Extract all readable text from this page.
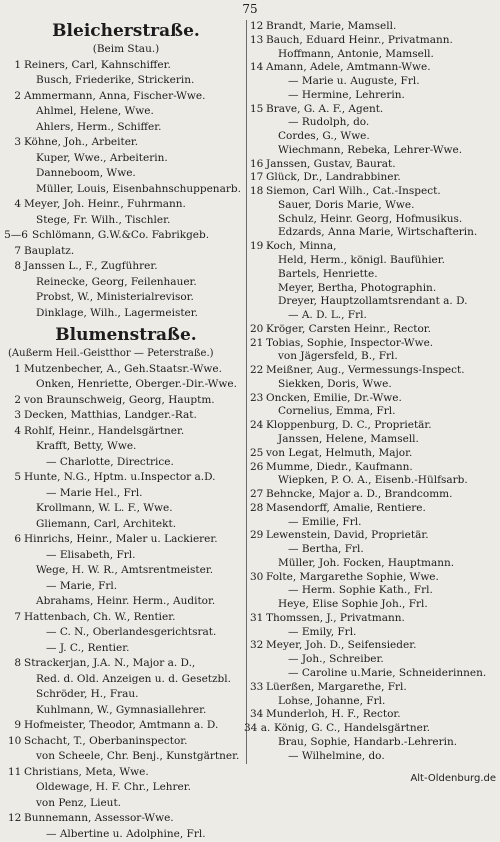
75
Bleicherstraße.
(Beim Stau.)
1 Reiners, Carl, Kahnschiffer.
Busch, Friederike, Strickerin.
2 Ammermann, Anna, Fischer-Wwe.
Ahlmel, Helene, Wwe.
Ahlers, Herm., Schiffer.
3 Köhne, Joh., Arbeiter.
Kuper, Wwe., Arbeiterin.
Danneboom, Wwe.
Müller, Louis, Eisenbahnschuppenarb.
4 Meyer, Joh. Heinr., Fuhrmann.
Stege, Fr. Wilh., Tischler.
5—6 Schlömann, G.W.&Co. Fabrikgeb.
7 Bauplatz.
8 Janssen L., F., Zugführer.
Reinecke, Georg, Feilenhauer.
Probst, W., Ministerialrevisor.
Dinklage, Wilh., Lagermeister.
Blumenstraße.
(Außerm Heil.-Geistthor — Peterstraße.)
1 Mutzenbecher, A., Geh.Staatsr.-Wwe.
Onken, Henriette, Oberger.-Dir.-Wwe.
2 von Braunschweig, Georg, Hauptm.
3 Decken, Matthias, Landger.-Rat.
4 Rohlf, Heinr., Handelsgärtner.
Krafft, Betty, Wwe.
— Charlotte, Directrice.
5 Hunte, N.G., Hptm. u.Inspector a.D.
— Marie Hel., Frl.
Krollmann, W. L. F., Wwe.
Gliemann, Carl, Architekt.
6 Hinrichs, Heinr., Maler u. Lackierer.
— Elisabeth, Frl.
Wege, H. W. R., Amtsrentmeister.
— Marie, Frl.
Abrahams, Heinr. Herm., Auditor.
7 Hattenbach, Ch. W., Rentier.
— C. N., Oberlandesgerichtsrat.
— J. C., Rentier.
8 Strackerjan, J.A. N., Major a. D.,
Red. d. Old. Anzeigen u. d. Gesetzbl.
Schröder, H., Frau.
Kuhlmann, W., Gymnasiallehrer.
9 Hofmeister, Theodor, Amtmann a. D.
10 Schacht, T., Oberbaninspector.
von Scheele, Chr. Benj., Kunstgärtner.
11 Christians, Meta, Wwe.
Oldewage, H. F. Chr., Lehrer.
von Penz, Lieut.
12 Bunnemann, Assessor-Wwe.
— Albertine u. Adolphine, Frl.
12 Brandt, Marie, Mamsell.
13 Bauch, Eduard Heinr., Privatmann.
Hoffmann, Antonie, Mamsell.
14 Amann, Adele, Amtmann-Wwe.
— Marie u. Auguste, Frl.
— Hermine, Lehrerin.
15 Brave, G. A. F., Agent.
— Rudolph, do.
Cordes, G., Wwe.
Wiechmann, Rebeka, Lehrer-Wwe.
16 Janssen, Gustav, Baurat.
17 Glück, Dr., Landrabbiner.
18 Siemon, Carl Wilh., Cat.-Inspect.
Sauer, Doris Marie, Wwe.
Schulz, Heinr. Georg, Hofmusikus.
Edzards, Anna Marie, Wirtschafterin.
19 Koch, Minna,
Held, Herm., königl. Baufühier.
Bartels, Henriette.
Meyer, Bertha, Photographin.
Dreyer, Hauptzollamtsrendant a. D.
— A. D. L., Frl.
20 Kröger, Carsten Heinr., Rector.
21 Tobias, Sophie, Inspector-Wwe.
von Jägersfeld, B., Frl.
22 Meißner, Aug., Vermessungs-Inspect.
Siekken, Doris, Wwe.
23 Oncken, Emilie, Dr.-Wwe.
Cornelius, Emma, Frl.
24 Kloppenburg, D. C., Proprietär.
Janssen, Helene, Mamsell.
25 von Legat, Helmuth, Major.
26 Mumme, Diedr., Kaufmann.
Wiepken, P. O. A., Eisenb.-Hülfsarb.
27 Behncke, Major a. D., Brandcomm.
28 Masendorff, Amalie, Rentiere.
— Emilie, Frl.
29 Lewenstein, David, Proprietär.
— Bertha, Frl.
Müller, Joh. Focken, Hauptmann.
30 Folte, Margarethe Sophie, Wwe.
— Herm. Sophie Kath., Frl.
Heye, Elise Sophie Joh., Frl.
31 Thomssen, J., Privatmann.
— Emily, Frl.
32 Meyer, Joh. D., Seifensieder.
— Joh., Schreiber.
— Caroline u.Marie, Schneiderinnen.
33 Lüerßen, Margarethe, Frl.
Lohse, Johanne, Frl.
34 Munderloh, H. F., Rector.
34 a. König, G. C., Handelsgärtner.
Brau, Sophie, Handarb.-Lehrerin.
— Wilhelmine, do.
Alt-Oldenburg.de
